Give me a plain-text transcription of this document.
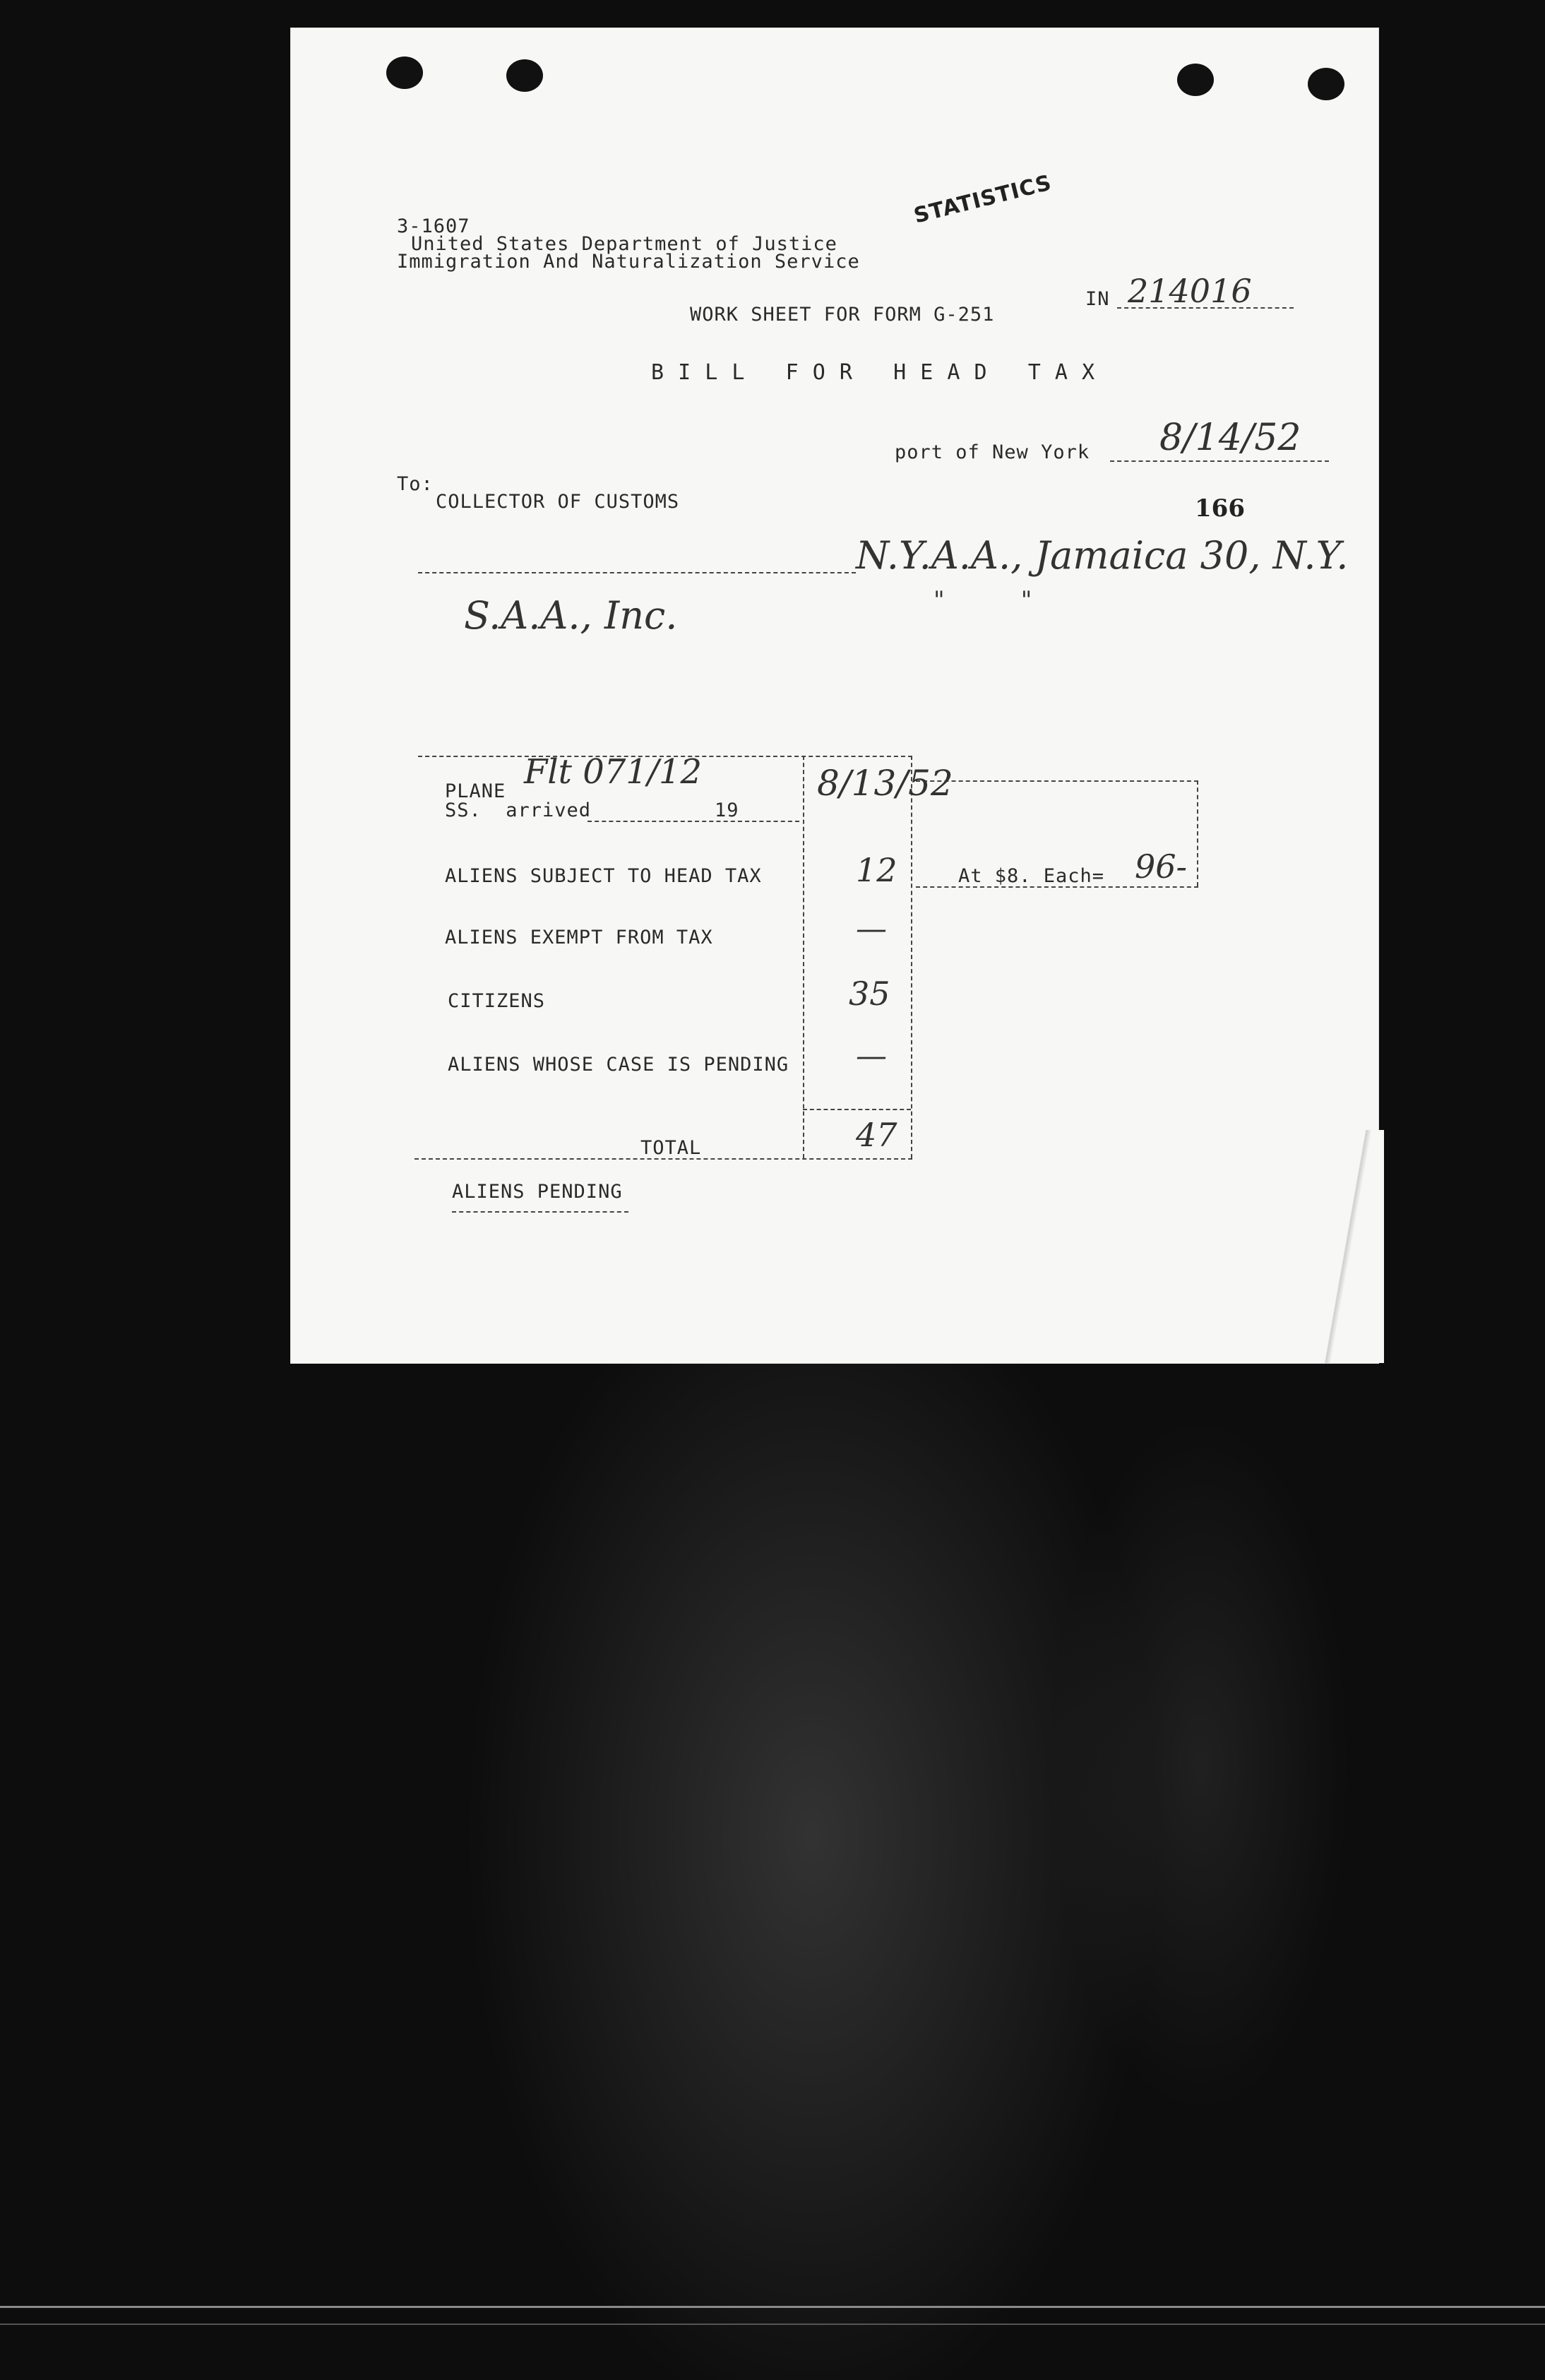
STATISTICS
3-1607
United States Department of Justice
Immigration And Naturalization Service
WORK SHEET FOR FORM G-251
IN 214016
B I L L   F O R   H E A D   T A X
port of New York 8/14/52
To:
COLLECTOR OF CUSTOMS	166
N.Y.A.A., Jamaica 30, N.Y.
"          "
S.A.A., Inc.
PLANE Flt 071/12
SS.  arrived	19
8/13/52
ALIENS SUBJECT TO HEAD TAX	12	At $8. Each= 96-
ALIENS EXEMPT FROM TAX	—
CITIZENS	35
ALIENS WHOSE CASE IS PENDING —
TOTAL	47
ALIENS PENDING
